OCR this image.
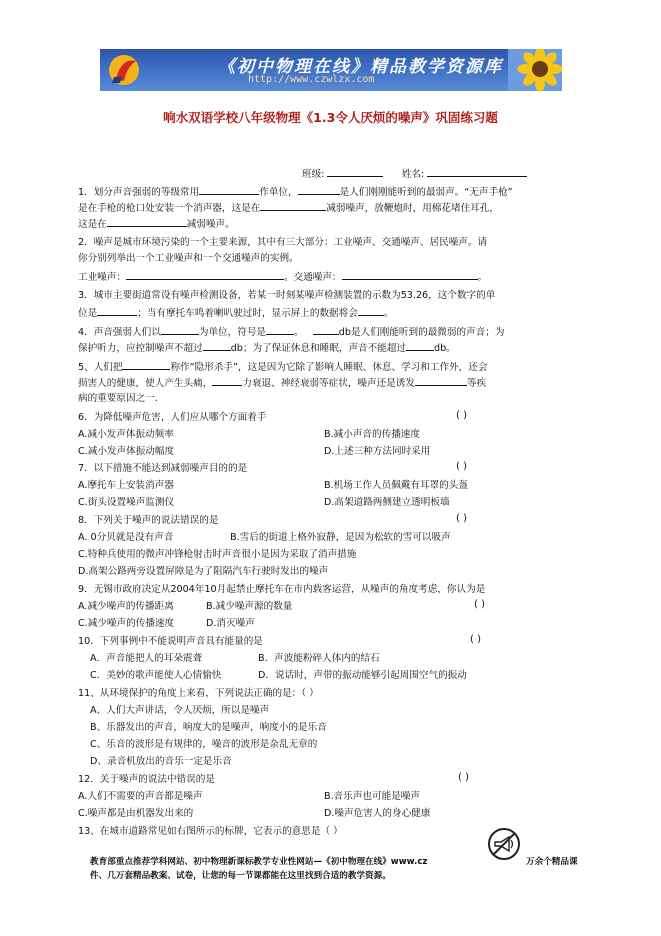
《初中物理在线》精品教学资源库
http://www.czwlzx.com
响水双语学校八年级物理《1.3令人厌烦的噪声》巩固练习题
班级:	姓名:
1．划分声音强弱的等级常用	作单位，	是人们刚刚能听到的最弱声。“无声手枪”
是在手枪的枪口处安装一个消声器，这是在	减弱噪声，放鞭炮时，用棉花堵住耳孔，
这是在	减弱噪声。
2．噪声是城市环境污染的一个主要来源，其中有三大部分：工业噪声、交通噪声、居民噪声。请
你分别列举出一个工业噪声和一个交通噪声的实例。
工业噪声：	。交通噪声：	。
3．城市主要街道常设有噪声检测设备，若某一时刻某噪声检测装置的示数为53.26，这个数字的单
位是	；当有摩托车鸣着喇叭驶过时，显示屏上的数据将会	。
4．声音强弱人们以	为单位，符号是	。	db是人们刚能听到的最微弱的声音；为
保护听力，应控制噪声不超过	db；为了保证休息和睡眠，声音不能超过	db。
5、人们把	称作“隐形杀手”，这是因为它除了影响人睡眠、休息、学习和工作外，还会
损害人的健康，使人产生头痛，	力衰退、神经衰弱等症状，噪声还是诱发	等疾
病的重要原因之一.
6．为降低噪声危害，人们应从哪个方面着手	( )
A.减小发声体振动频率	B.减小声音的传播速度
C.减小发声体振动幅度	D.上述三种方法同时采用
7．以下措施不能达到减弱噪声目的的是	( )
A.摩托车上安装消声器	B.机场工作人员佩戴有耳罩的头盔
C.街头设置噪声监测仪	D.高架道路两侧建立透明板墙
8．下列关于噪声的说法错误的是	( )
A. 0分贝就是没有声音	B.雪后的街道上格外寂静，是因为松软的雪可以吸声
C.特种兵使用的微声冲锋枪射击时声音很小是因为采取了消声措施
D.高架公路两旁设置屏障是为了阻隔汽车行驶时发出的噪声
9．无锡市政府决定从2004年10月起禁止摩托车在市内载客运营，从噪声的角度考虑，你认为是
A.减少噪声的传播距离	B.减少噪声源的数量	( )
C.减少噪声的传播速度	D.消灭噪声
10．下列事例中不能说明声音具有能量的是	( )
A．声音能把人的耳朵震聋	B．声波能粉碎人体内的结石
C．美妙的歌声能使人心情愉快	D．说话时，声带的振动能够引起周围空气的振动
11、从环境保护的角度上来看，下列说法正确的是：（ ）
A、人们大声讲话，令人厌烦，所以是噪声
B、乐器发出的声音，响度大的是噪声，响度小的是乐音
C、乐音的波形是有规律的，噪音的波形是杂乱无章的
D、录音机放出的音乐一定是乐音
12．关于噪声的说法中错误的是	( )
A.人们不需要的声音都是噪声	B.音乐声也可能是噪声
C.噪声都是由机器发出来的	D.噪声危害人的身心健康
13、在城市道路常见如右图所示的标牌，它表示的意思是（ ）
教育部重点推荐学科网站、初中物理新课标教学专业性网站—《初中物理在线》www.cz	万余个精品课
件、几万套精品教案、试卷，让您的每一节课都能在这里找到合适的教学资源。
